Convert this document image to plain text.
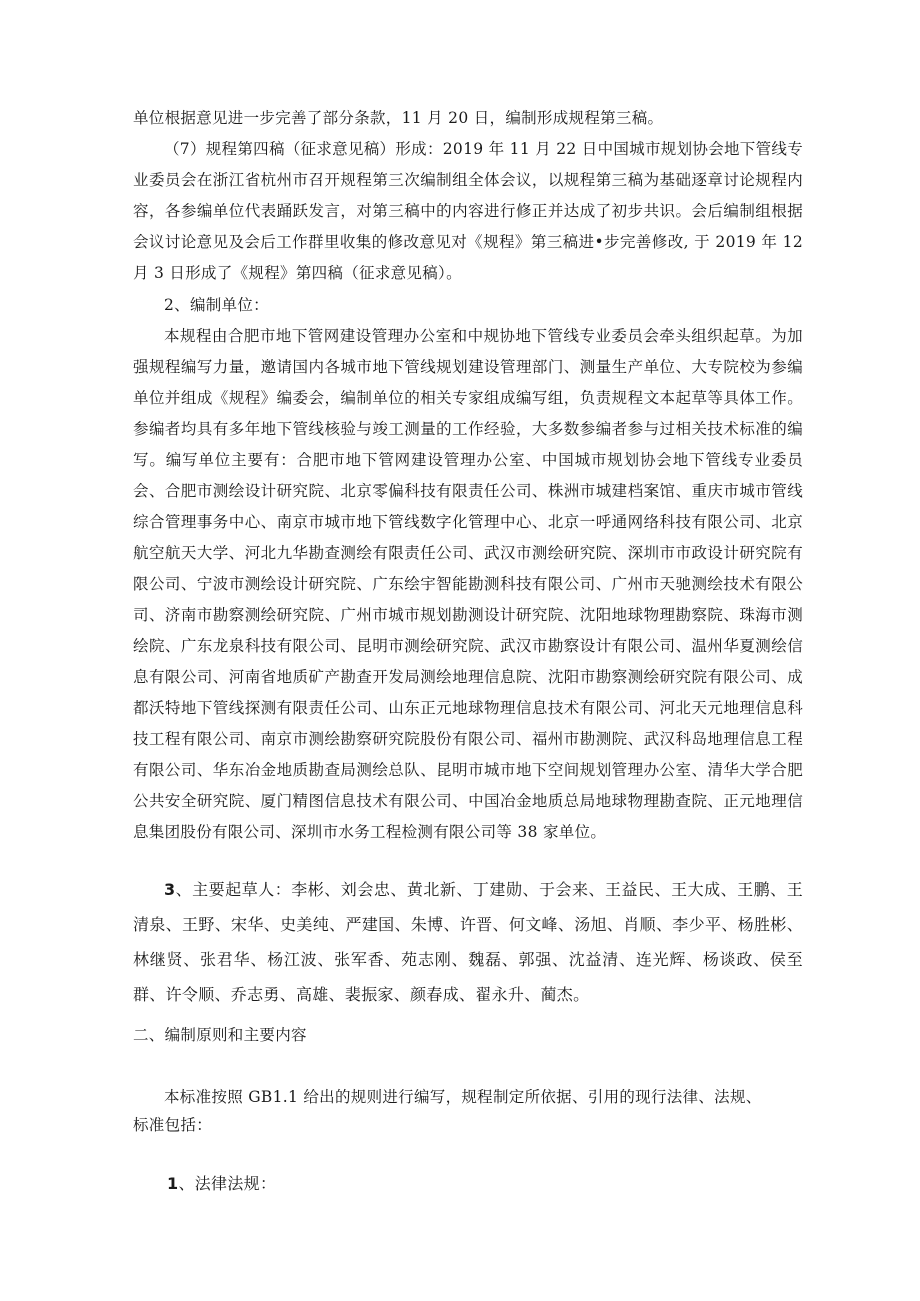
单位根据意见进一步完善了部分条款，11 月 20 日，编制形成规程第三稿。

（7）规程第四稿（征求意见稿）形成：2019 年 11 月 22 日中国城市规划协会地下管线专业委员会在浙江省杭州市召开规程第三次编制组全体会议，以规程第三稿为基础逐章讨论规程内容，各参编单位代表踊跃发言，对第三稿中的内容进行修正并达成了初步共识。会后编制组根据会议讨论意见及会后工作群里收集的修改意见对《规程》第三稿进•步完善修改, 于 2019 年 12 月 3 日形成了《规程》第四稿（征求意见稿）。

2、编制单位：

本规程由合肥市地下管网建设管理办公室和中规协地下管线专业委员会牵头组织起草。为加强规程编写力量，邀请国内各城市地下管线规划建设管理部门、测量生产单位、大专院校为参编单位并组成《规程》编委会，编制单位的相关专家组成编写组，负责规程文本起草等具体工作。参编者均具有多年地下管线核验与竣工测量的工作经验，大多数参编者参与过相关技术标准的编写。编写单位主要有：合肥市地下管网建设管理办公室、中国城市规划协会地下管线专业委员会、合肥市测绘设计研究院、北京零偏科技有限责任公司、株洲市城建档案馆、重庆市城市管线综合管理事务中心、南京市城市地下管线数字化管理中心、北京一呼通网络科技有限公司、北京航空航天大学、河北九华勘查测绘有限责任公司、武汉市测绘研究院、深圳市市政设计研究院有限公司、宁波市测绘设计研究院、广东绘宇智能勘测科技有限公司、广州市天驰测绘技术有限公司、济南市勘察测绘研究院、广州市城市规划勘测设计研究院、沈阳地球物理勘察院、珠海市测绘院、广东龙泉科技有限公司、昆明市测绘研究院、武汉市勘察设计有限公司、温州华夏测绘信息有限公司、河南省地质矿产勘查开发局测绘地理信息院、沈阳市勘察测绘研究院有限公司、成都沃特地下管线探测有限责任公司、山东正元地球物理信息技术有限公司、河北天元地理信息科技工程有限公司、南京市测绘勘察研究院股份有限公司、福州市勘测院、武汉科岛地理信息工程有限公司、华东冶金地质勘查局测绘总队、昆明市城市地下空间规划管理办公室、清华大学合肥公共安全研究院、厦门精图信息技术有限公司、中国冶金地质总局地球物理勘查院、正元地理信息集团股份有限公司、深圳市水务工程检测有限公司等 38 家单位。

3、主要起草人：李彬、刘会忠、黄北新、丁建勋、于会来、王益民、王大成、王鹏、王清泉、王野、宋华、史美纯、严建国、朱博、许晋、何文峰、汤旭、肖顺、李少平、杨胜彬、林继贤、张君华、杨江波、张军香、苑志刚、魏磊、郭强、沈益清、连光辉、杨谈政、侯至群、许令顺、乔志勇、高雄、裴振家、颜春成、翟永升、蔺杰。

二、编制原则和主要内容

本标准按照 GB1.1 给出的规则进行编写，规程制定所依据、引用的现行法律、法规、

标准包括：

1、法律法规：
